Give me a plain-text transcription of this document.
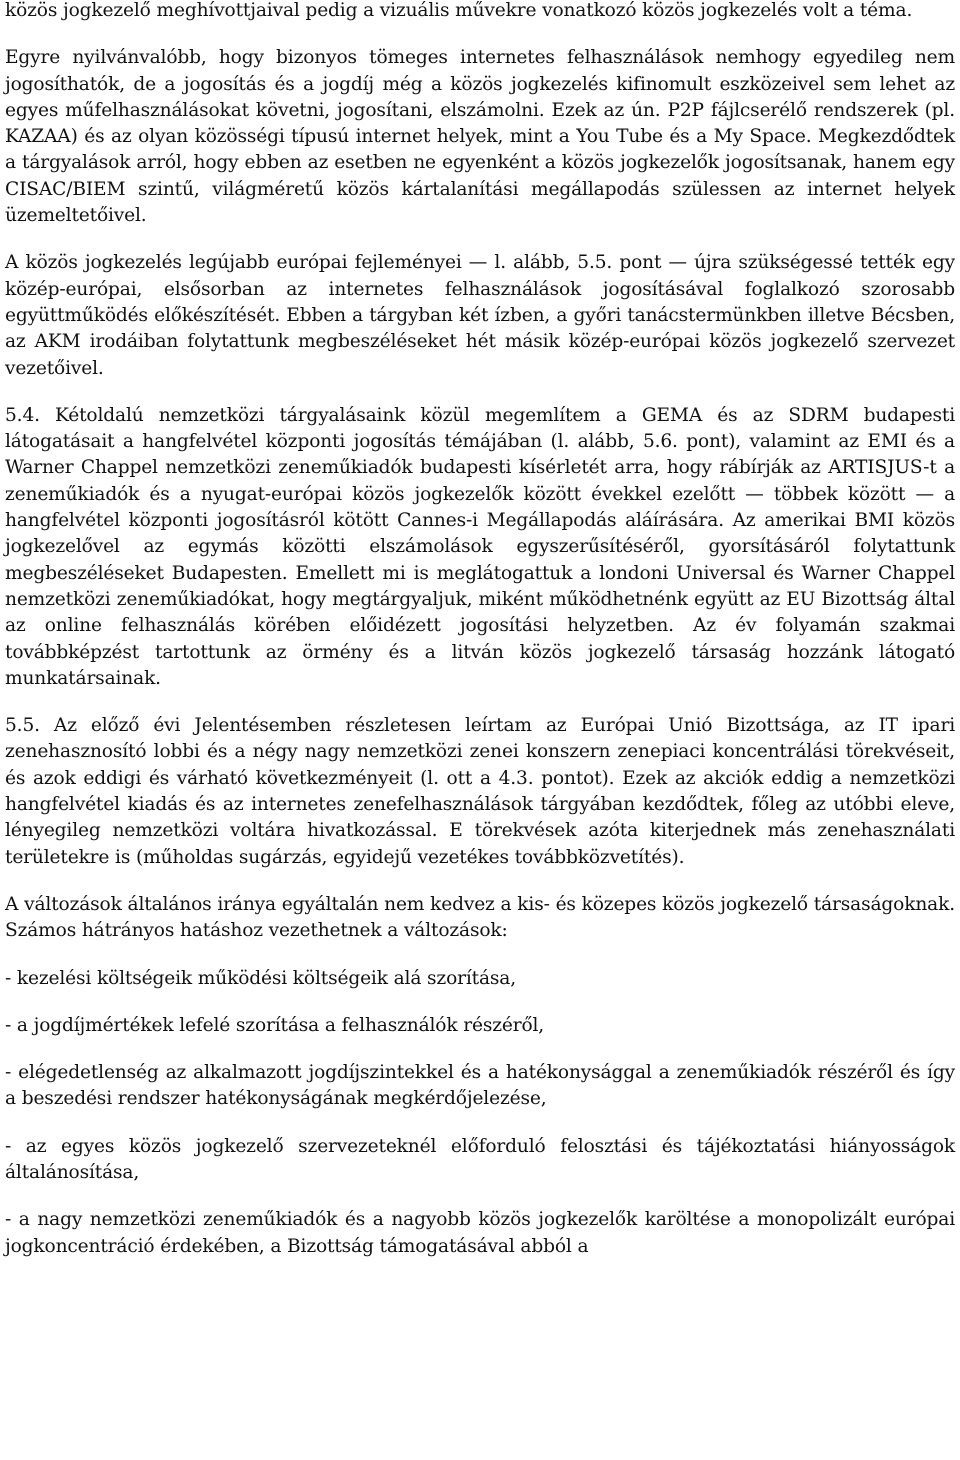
közös jogkezelő meghívottjaival pedig a vizuális művekre vonatkozó közös jogkezelés volt a téma.

Egyre nyilvánvalóbb, hogy bizonyos tömeges internetes felhasználások nemhogy egyedileg nem jogosíthatók, de a jogosítás és a jogdíj még a közös jogkezelés kifinomult eszközeivel sem lehet az egyes műfelhasználásokat követni, jogosítani, elszámolni. Ezek az ún. P2P fájlcserélő rendszerek (pl. KAZAA) és az olyan közösségi típusú internet helyek, mint a You Tube és a My Space. Megkezdődtek a tárgyalások arról, hogy ebben az esetben ne egyenként a közös jogkezelők jogosítsanak, hanem egy CISAC/BIEM szintű, világméretű közös kártalanítási megállapodás szülessen az internet helyek üzemeltetőivel.

A közös jogkezelés legújabb európai fejleményei — l. alább, 5.5. pont — újra szükségessé tették egy közép-európai, elsősorban az internetes felhasználások jogosításával foglalkozó szorosabb együttműködés előkészítését. Ebben a tárgyban két ízben, a győri tanácstermünkben illetve Bécsben, az AKM irodáiban folytattunk megbeszéléseket hét másik közép-európai közös jogkezelő szervezet vezetőivel.

5.4. Kétoldalú nemzetközi tárgyalásaink közül megemlítem a GEMA és az SDRM budapesti látogatásait a hangfelvétel központi jogosítás témájában (l. alább, 5.6. pont), valamint az EMI és a Warner Chappel nemzetközi zeneműkiadók budapesti kísérletét arra, hogy rábírják az ARTISJUS-t a zeneműkiadók és a nyugat-európai közös jogkezelők között évekkel ezelőtt — többek között — a hangfelvétel központi jogosításról kötött Cannes-i Megállapodás aláírására. Az amerikai BMI közös jogkezelővel az egymás közötti elszámolások egyszerűsítéséről, gyorsításáról folytattunk megbeszéléseket Budapesten. Emellett mi is meglátogattuk a londoni Universal és Warner Chappel nemzetközi zeneműkiadókat, hogy megtárgyaljuk, miként működhetnénk együtt az EU Bizottság által az online felhasználás körében előidézett jogosítási helyzetben. Az év folyamán szakmai továbbképzést tartottunk az örmény és a litván közös jogkezelő társaság hozzánk látogató munkatársainak.

5.5. Az előző évi Jelentésemben részletesen leírtam az Európai Unió Bizottsága, az IT ipari zenehasznosító lobbi és a négy nagy nemzetközi zenei konszern zenepiaci koncentrálási törekvéseit, és azok eddigi és várható következményeit (l. ott a 4.3. pontot). Ezek az akciók eddig a nemzetközi hangfelvétel kiadás és az internetes zenefelhasználások tárgyában kezdődtek, főleg az utóbbi eleve, lényegileg nemzetközi voltára hivatkozással. E törekvések azóta kiterjednek más zenehasználati területekre is (műholdas sugárzás, egyidejű vezetékes továbbközvetítés).

A változások általános iránya egyáltalán nem kedvez a kis- és közepes közös jogkezelő társaságoknak. Számos hátrányos hatáshoz vezethetnek a változások:

- kezelési költségeik működési költségeik alá szorítása,

- a jogdíjmértékek lefelé szorítása a felhasználók részéről,

- elégedetlenség az alkalmazott jogdíjszintekkel és a hatékonysággal a zeneműkiadók részéről és így a beszedési rendszer hatékonyságának megkérdőjelezése,

- az egyes közös jogkezelő szervezeteknél előforduló felosztási és tájékoztatási hiányosságok általánosítása,

- a nagy nemzetközi zeneműkiadók és a nagyobb közös jogkezelők karöltése a monopolizált európai jogkoncentráció érdekében, a Bizottság támogatásával abból a
